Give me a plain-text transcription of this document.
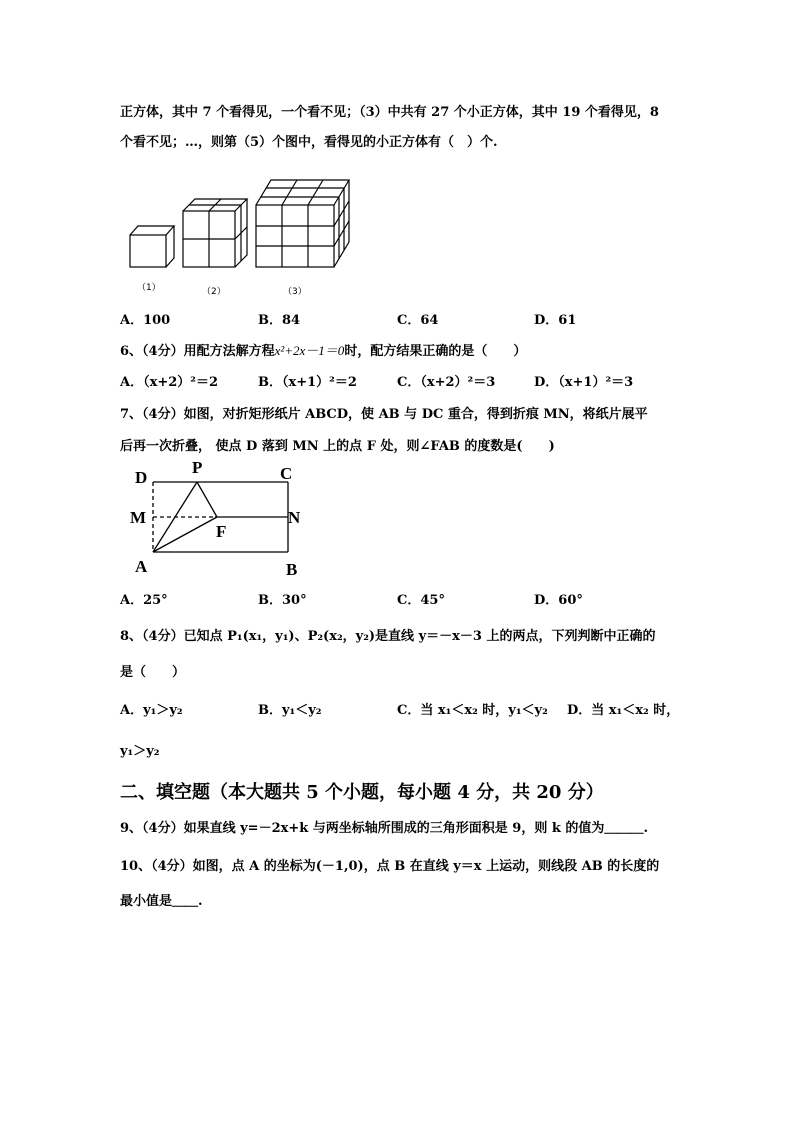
正方体，其中 7 个看得见，一个看不见；（3）中共有 27 个小正方体，其中 19 个看得见，8
个看不见；…，则第（5）个图中，看得见的小正方体有（　）个.
（1）	（2）	（3）
A．100	B．84	C．64	D．61
6、（4分）用配方法解方程x²+2x－1＝0时，配方结果正确的是（　　）
A．（x+2）²＝2	B．（x+1）²＝2	C．（x+2）²＝3	D．（x+1）²＝3
7、（4分）如图，对折矩形纸片 ABCD，使 AB 与 DC 重合，得到折痕 MN，将纸片展平
后再一次折叠， 使点 D 落到 MN 上的点 F 处，则∠FAB 的度数是(　　)
D
P	C
M	N
F
A	B
A．25°	B．30°	C．45°	D．60°
8、（4分）已知点 P₁(x₁，y₁)、P₂(x₂，y₂)是直线 y＝－x－3 上的两点，下列判断中正确的
是（　　）
A．y₁＞y₂	B．y₁＜y₂	C．当 x₁＜x₂ 时，y₁＜y₂ D．当 x₁＜x₂ 时，
y₁＞y₂
二、填空题（本大题共 5 个小题，每小题 4 分，共 20 分）
9、（4分）如果直线 y=－2x+k 与两坐标轴所围成的三角形面积是 9，则 k 的值为＿＿＿.
10、（4分）如图，点 A 的坐标为(－1,0)，点 B 在直线 y＝x 上运动，则线段 AB 的长度的
最小值是＿＿.
